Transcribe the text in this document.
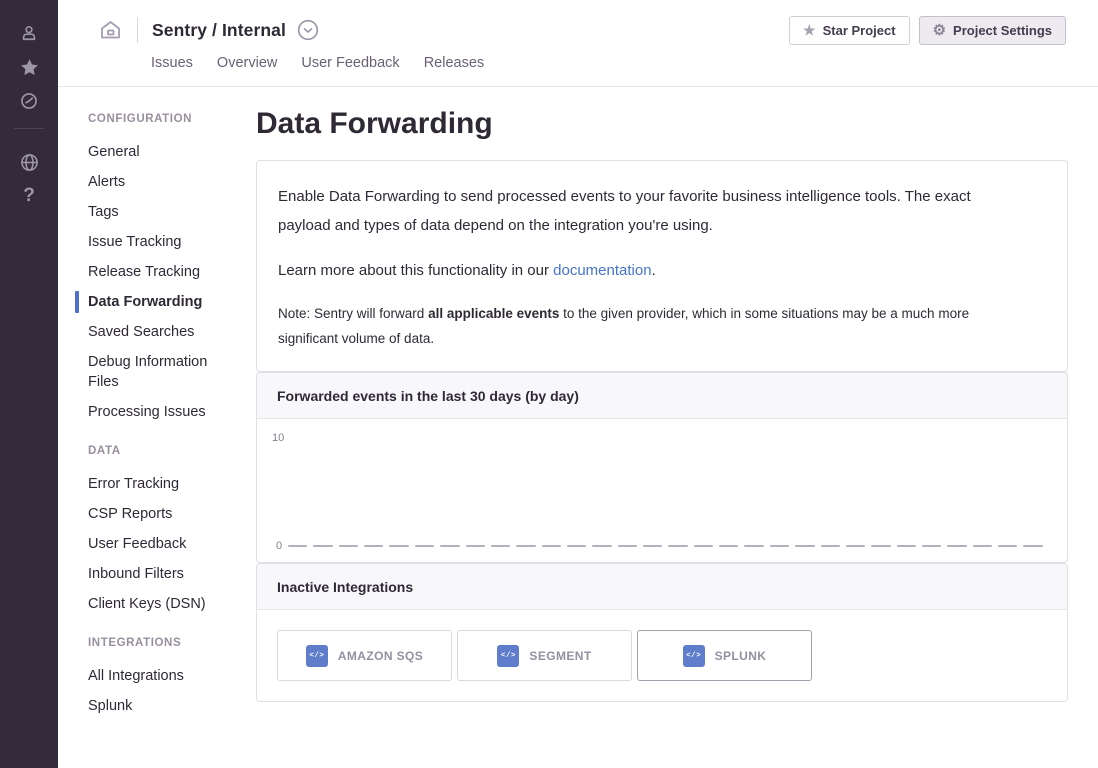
?
Sentry / Internal	★ Star Project ⚙ Project Settings
Issues Overview User Feedback Releases
CONFIGURATION
General
Alerts
Tags
Issue Tracking
Release Tracking
Data Forwarding
Saved Searches
Debug Information Files
Processing Issues
DATA
Error Tracking
CSP Reports
User Feedback
Inbound Filters
Client Keys (DSN)
INTEGRATIONS
All Integrations
Splunk
Data Forwarding

Enable Data Forwarding to send processed events to your favorite business intelligence tools. The exact payload and types of data depend on the integration you're using.

Learn more about this functionality in our documentation.

Note: Sentry will forward all applicable events to the given provider, which in some situations may be a much more significant volume of data.

Forwarded events in the last 30 days (by day)
10
0
Inactive Integrations
</> AMAZON SQS	</> SEGMENT	</> SPLUNK
